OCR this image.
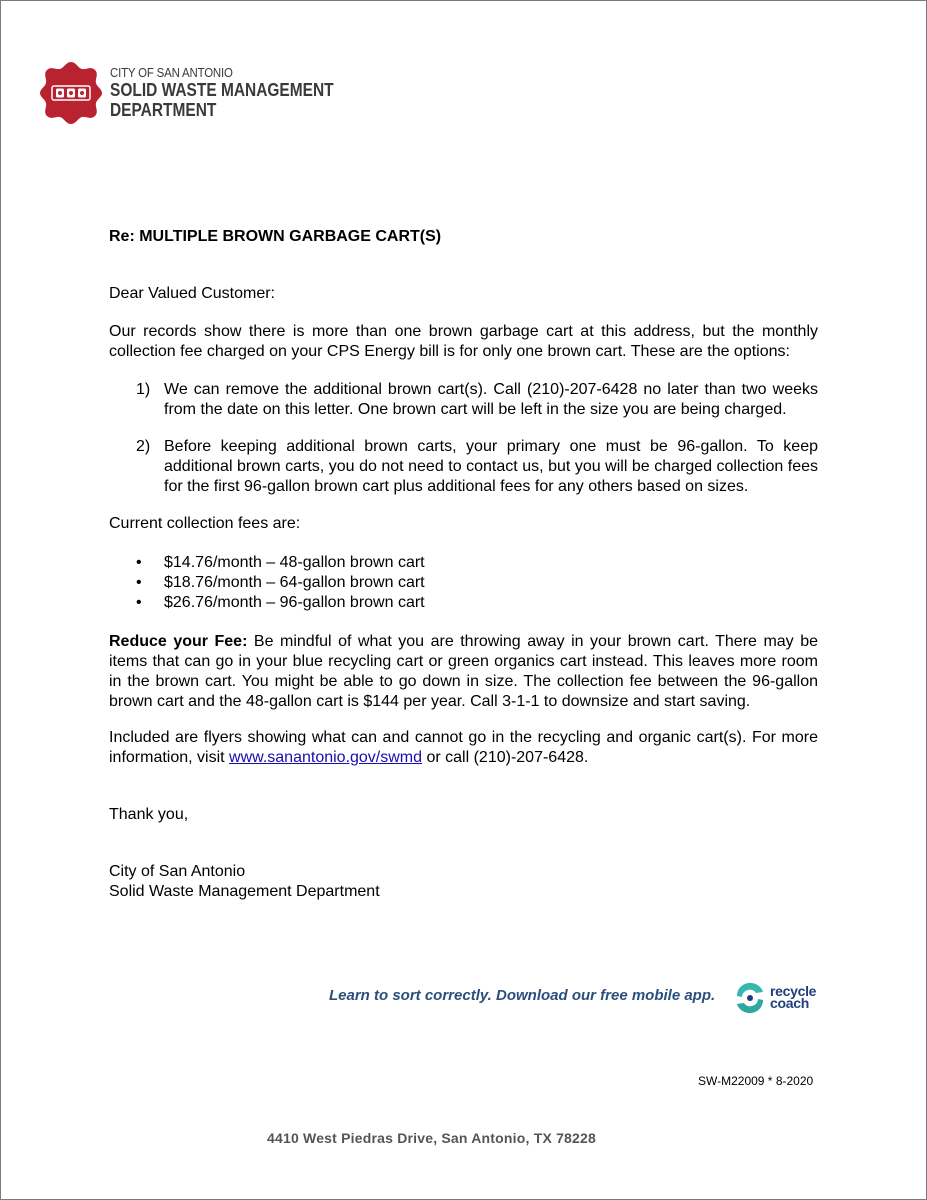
CITY OF SAN ANTONIO
SOLID WASTE MANAGEMENT
DEPARTMENT
Re: MULTIPLE BROWN GARBAGE CART(S)
Dear Valued Customer:
Our records show there is more than one brown garbage cart at this address, but the monthly collection fee charged on your CPS Energy bill is for only one brown cart. These are the options:
1) We can remove the additional brown cart(s). Call (210)-207-6428 no later than two weeks from the date on this letter. One brown cart will be left in the size you are being charged.
2) Before keeping additional brown carts, your primary one must be 96-gallon. To keep additional brown carts, you do not need to contact us, but you will be charged collection fees for the first 96-gallon brown cart plus additional fees for any others based on sizes.
Current collection fees are:
• $14.76/month – 48-gallon brown cart
• $18.76/month – 64-gallon brown cart
• $26.76/month – 96-gallon brown cart
Reduce your Fee: Be mindful of what you are throwing away in your brown cart. There may be items that can go in your blue recycling cart or green organics cart instead. This leaves more room in the brown cart. You might be able to go down in size. The collection fee between the 96-gallon brown cart and the 48-gallon cart is $144 per year. Call 3-1-1 to downsize and start saving.
Included are flyers showing what can and cannot go in the recycling and organic cart(s). For more information, visit www.sanantonio.gov/swmd or call (210)-207-6428.
Thank you,
City of San Antonio
Solid Waste Management Department
Learn to sort correctly. Download our free mobile app.	recycle
coach
SW-M22009 * 8-2020
4410 West Piedras Drive, San Antonio, TX 78228
